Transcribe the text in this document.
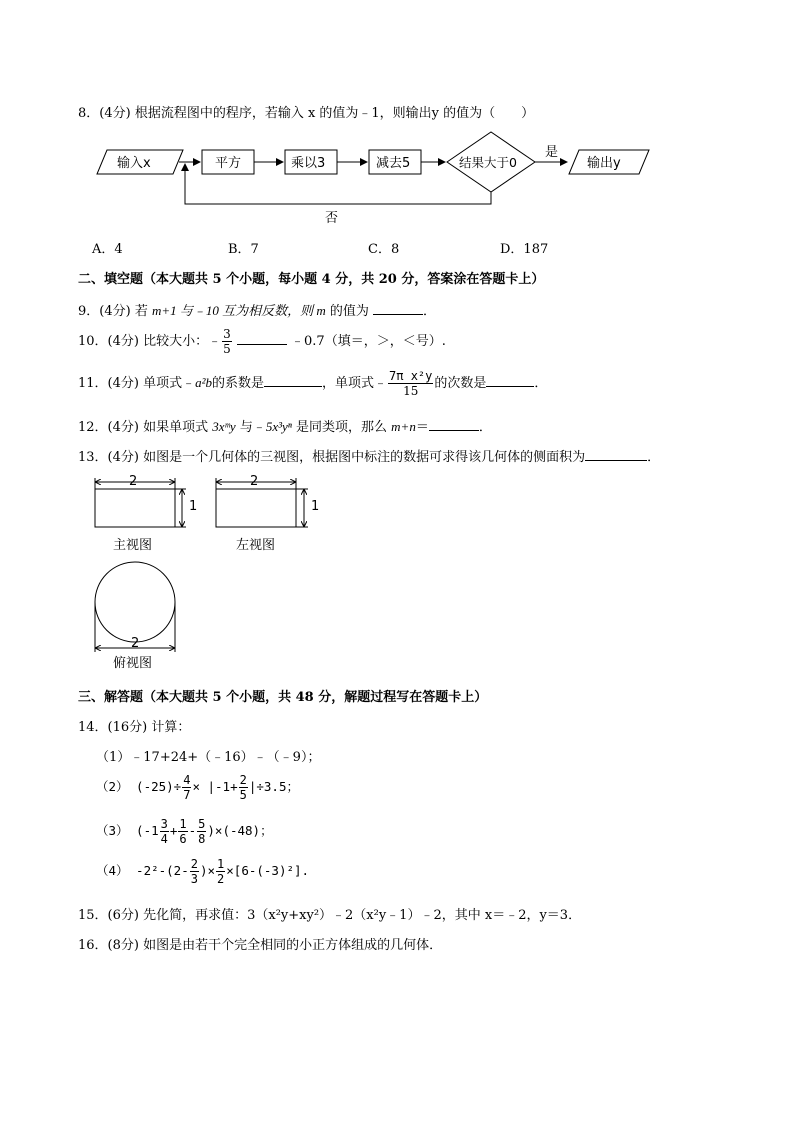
8．(4分) 根据流程图中的程序，若输入 x 的值为﹣1，则输出y 的值为（　　）
输入x	平方	乘以3	减去5	结果大于0
是
输出y
否
A．4	B．7	C．8	D．187
二、填空题（本大题共 5 个小题，每小题 4 分，共 20 分，答案涂在答题卡上）
9．(4分) 若 m+1 与﹣10 互为相反数，则 m 的值为	．
10．(4分) 比较大小：﹣ $\frac{3}{5}$	﹣0.7（填＝，＞，＜号）.
11．(4分) 单项式﹣a²b的系数是	，单项式﹣ $\frac{\text{7π x²y}}{15}$ 的次数是	．
12．(4分) 如果单项式 3xᵐy 与﹣5x³yⁿ 是同类项，那么 m+n＝	．
13．(4分) 如图是一个几何体的三视图，根据图中标注的数据可求得该几何体的侧面积为	．
2
1
主视图
2
1
左视图
2
俯视图
三、解答题（本大题共 5 个小题，共 48 分，解题过程写在答题卡上）
14．(16分) 计算：
（1）﹣17+24+（﹣16）﹣（﹣9）；
（2） $(-25)\div \frac{4}{7} \times |-1+ \frac{2}{5} |\div 3.5$；
（3） $(-1 \frac{3}{4} + \frac{1}{6} - \frac{5}{8} )\times(-48)$；
（4） $-2^2-(2- \frac{2}{3}$ )× $\frac{1}{2} \times[6-(-3)^2]$.
15．(6分) 先化简，再求值：3（x²y+xy²）﹣2（x²y﹣1）﹣2，其中 x＝﹣2，y＝3．
16．(8分) 如图是由若干个完全相同的小正方体组成的几何体．
